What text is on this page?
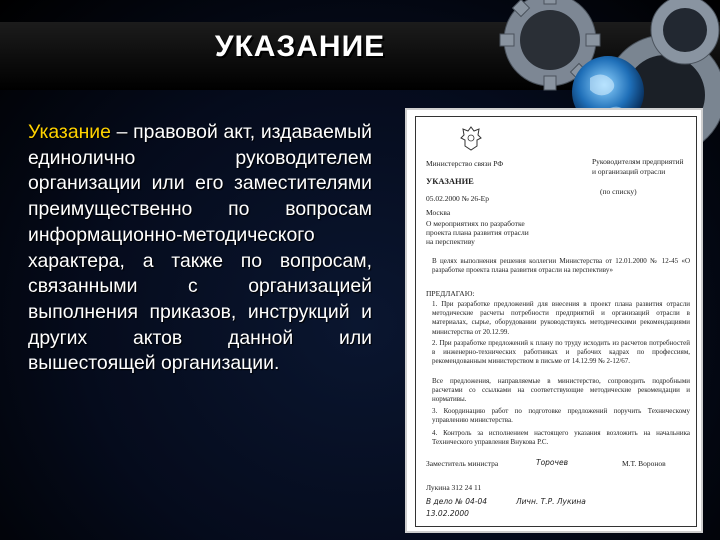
УКАЗАНИЕ
Указание – правовой акт, издаваемый единолично руководителем организации или его заместителями преимущественно по вопросам информационно-методического характера, а также по вопросам, связанными с организацией выполнения приказов, инструкций и других актов данной или вышестоящей организации.
Министерство связи РФ
УКАЗАНИЕ
05.02.2000 № 26-Ер
Москва
Руководителям предприятий
и организаций отрасли
(по списку)
О мероприятиях по разработке проекта плана развития отрасли на перспективу
В целях выполнения решения коллегии Министерства от 12.01.2000 № 12-45 «О разработке проекта плана развития отрасли на перспективу»
ПРЕДЛАГАЮ:
1. При разработке предложений для внесения в проект плана развития отрасли методические расчеты потребности предприятий и организаций отрасли в материалах, сырье, оборудовании руководствуясь методическими рекомендациями министерства от 20.12.99.
2. При разработке предложений к плану по труду исходить из расчетов потребностей в инженерно-технических работниках и рабочих кадрах по профессиям, рекомендованным министерством в письме от 14.12.99 № 2-12/67.
Все предложения, направляемые в министерство, сопроводить подробными расчетами со ссылками на соответствующие методические рекомендации и нормативы.
3. Координацию работ по подготовке предложений поручить Техническому управлению министерства.
4. Контроль за исполнением настоящего указания возложить на начальника Технического управления Внукова Р.С.
Заместитель министра	Торочев	М.Т. Воронов
Лукина 312 24 11
В дело № 04-04	Личн. Т.Р. Лукина
13.02.2000
